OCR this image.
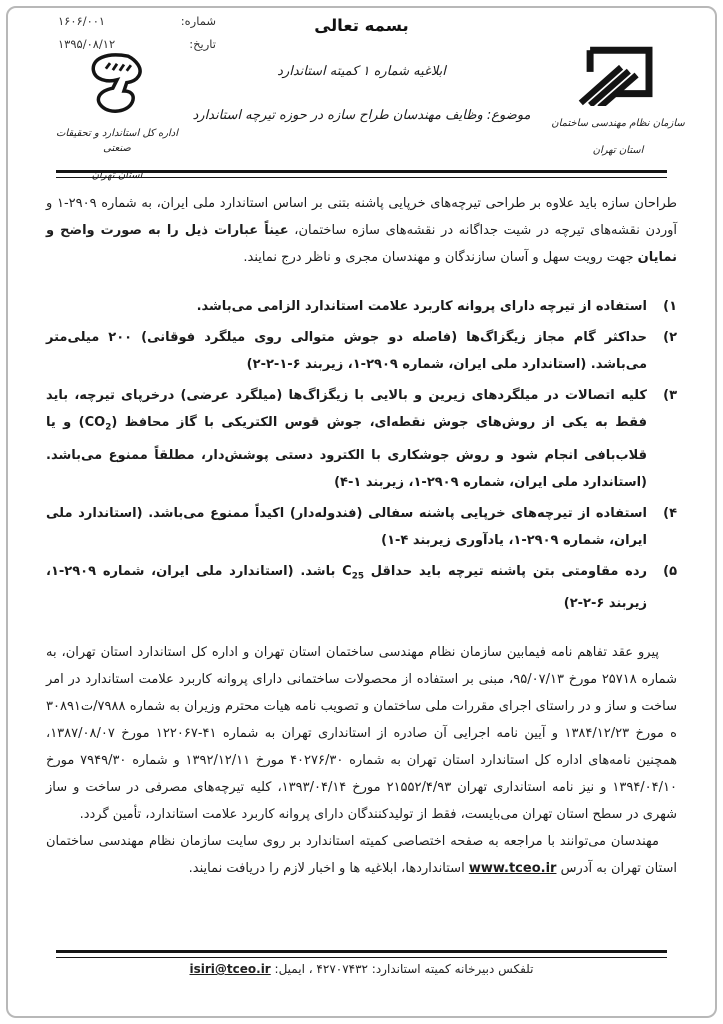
شماره:
۱۶۰۶/۰۰۱
تاریخ:
۱۳۹۵/۰۸/۱۲
بسمه تعالی
ابلاغیه شماره ۱ کمیته استاندارد
موضوع: وظایف مهندسان طراح سازه در حوزه تیرچه استاندارد
سازمان نظام مهندسی ساختمان
استان تهران
اداره کل استاندارد و تحقیقات صنعتی
استان تهران

طراحان سازه باید علاوه بر طراحی تیرچه‌های خرپایی پاشنه بتنی بر اساس استاندارد ملی ایران، به شماره ۲۹۰۹-۱ و آوردن نقشه‌های تیرچه در شیت جداگانه در نقشه‌های سازه ساختمان، عیناً عبارات ذیل را به صورت واضح و نمایان جهت رویت سهل و آسان سازندگان و مهندسان مجری و ناظر درج نمایند.

۱)
استفاده از تیرچه دارای پروانه کاربرد علامت استاندارد الزامی می‌باشد.
۲)
حداکثر گام مجاز زیگزاگ‌ها (فاصله دو جوش متوالی روی میلگرد فوقانی) ۲۰۰ میلی‌متر می‌باشد. (استاندارد ملی ایران، شماره ۲۹۰۹-۱، زیربند ۶-۱-۲-۲)
۳)
کلیه اتصالات در میلگردهای زیرین و بالایی با زیگزاگ‌ها (میلگرد عرضی) درخرپای تیرچه، باید فقط به یکی از روش‌های جوش نقطه‌ای، جوش قوس الکتریکی با گاز محافظ $(CO_2)$ و یا قلاب‌بافی انجام شود و روش جوشکاری با الکترود دستی پوشش‌دار، مطلقاً ممنوع می‌باشد. (استاندارد ملی ایران، شماره ۲۹۰۹-۱، زیربند ۱-۴)
۴)
استفاده از تیرچه‌های خرپایی پاشنه سفالی (فندوله‌دار) اکیداً ممنوع می‌باشد. (استاندارد ملی ایران، شماره ۲۹۰۹-۱، یادآوری زیربند ۴-۱)
۵)
رده مقاومتی بتن پاشنه تیرچه باید حداقل $C_{25}$ باشد. (استاندارد ملی ایران، شماره ۲۹۰۹-۱، زیربند ۶-۲-۲)

پیرو عقد تفاهم نامه فیمابین سازمان نظام مهندسی ساختمان استان تهران و اداره کل استاندارد استان تهران، به شماره ۲۵۷۱۸ مورخ ۹۵/۰۷/۱۳، مبنی بر استفاده از محصولات ساختمانی دارای پروانه کاربرد علامت استاندارد در امر ساخت و ساز و در راستای اجرای مقررات ملی ساختمان و تصویب نامه هیات محترم وزیران به شماره ۷۹۸۸/ت۳۰۸۹۱ ه مورخ ۱۳۸۴/۱۲/۲۳ و آیین نامه اجرایی آن صادره از استانداری تهران به شماره ۴۱-۱۲۲۰۶۷ مورخ ۱۳۸۷/۰۸/۰۷، همچنین نامه‌های اداره کل استاندارد استان تهران به شماره ۴۰۲۷۶/۳۰ مورخ ۱۳۹۲/۱۲/۱۱ و شماره ۷۹۴۹/۳۰ مورخ ۱۳۹۴/۰۴/۱۰ و نیز نامه استانداری تهران ۲۱۵۵۲/۴/۹۳ مورخ ۱۳۹۳/۰۴/۱۴، کلیه تیرچه‌های مصرفی در ساخت و ساز شهری در سطح استان تهران می‌بایست، فقط از تولیدکنندگان دارای پروانه کاربرد علامت استاندارد، تأمین گردد.

مهندسان می‌توانند با مراجعه به صفحه اختصاصی کمیته استاندارد بر روی سایت سازمان نظام مهندسی ساختمان استان تهران به آدرس www.tceo.ir استانداردها، ابلاغیه ها و اخبار لازم را دریافت نمایند.

تلفکس دبیرخانه کمیته استاندارد: ۴۲۷۰۷۴۳۲ ، ایمیل: isiri@tceo.ir
